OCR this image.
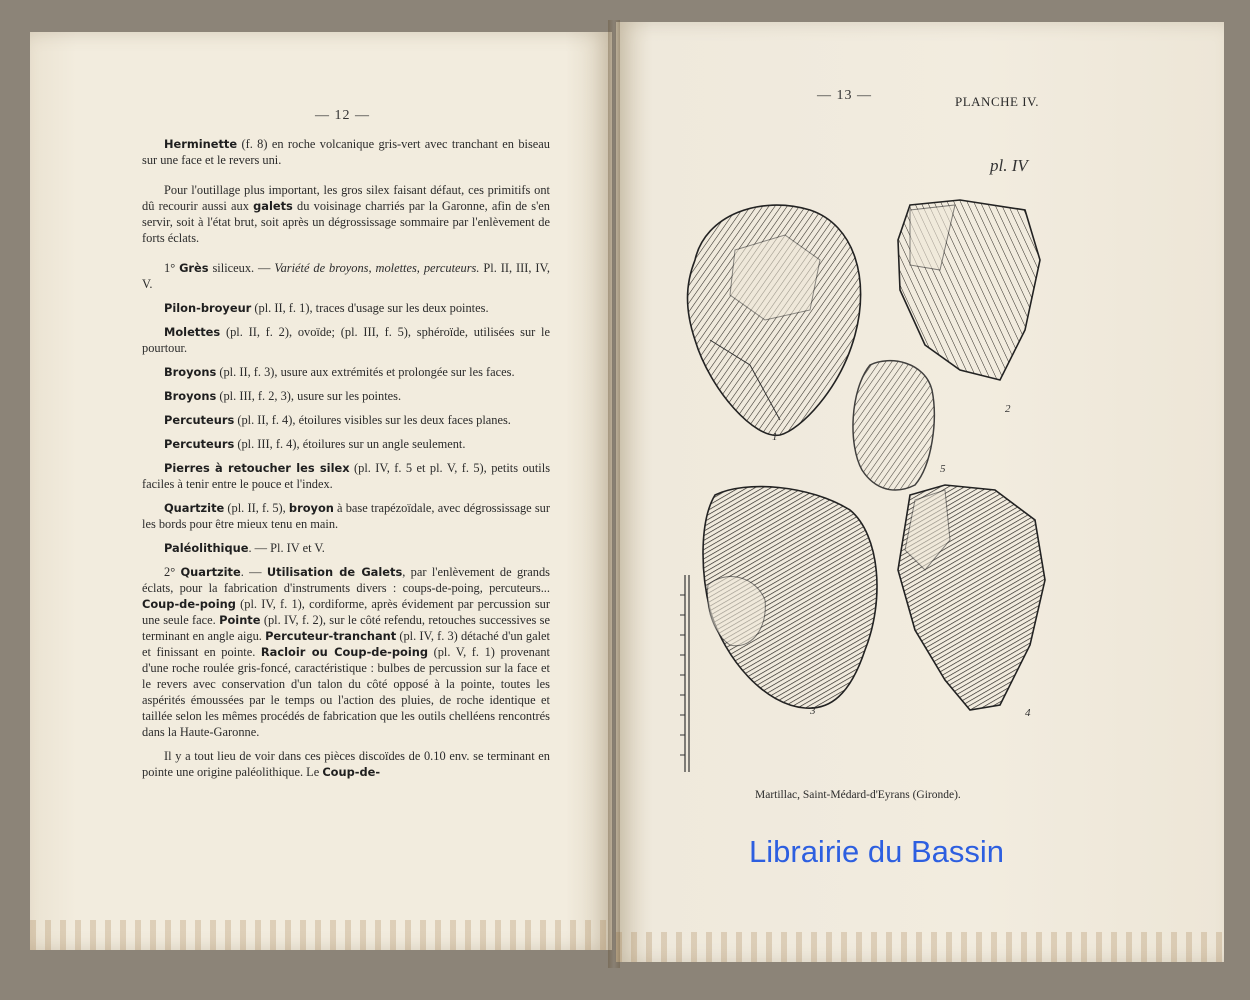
— 12 —

Herminette (f. 8) en roche volcanique gris-vert avec tranchant en biseau sur une face et le revers uni.

Pour l'outillage plus important, les gros silex faisant défaut, ces primitifs ont dû recourir aussi aux galets du voisinage charriés par la Garonne, afin de s'en servir, soit à l'état brut, soit après un dégrossissage sommaire par l'enlèvement de forts éclats.

1° Grès siliceux. — Variété de broyons, molettes, percuteurs. Pl. II, III, IV, V.

Pilon-broyeur (pl. II, f. 1), traces d'usage sur les deux pointes.

Molettes (pl. II, f. 2), ovoïde; (pl. III, f. 5), sphéroïde, utilisées sur le pourtour.

Broyons (pl. II, f. 3), usure aux extrémités et prolongée sur les faces.

Broyons (pl. III, f. 2, 3), usure sur les pointes.

Percuteurs (pl. II, f. 4), étoilures visibles sur les deux faces planes.

Percuteurs (pl. III, f. 4), étoilures sur un angle seulement.

Pierres à retoucher les silex (pl. IV, f. 5 et pl. V, f. 5), petits outils faciles à tenir entre le pouce et l'index.

Quartzite (pl. II, f. 5), broyon à base trapézoïdale, avec dégrossissage sur les bords pour être mieux tenu en main.

Paléolithique. — Pl. IV et V.

2° Quartzite. — Utilisation de Galets, par l'enlèvement de grands éclats, pour la fabrication d'instruments divers : coups-de-poing, percuteurs... Coup-de-poing (pl. IV, f. 1), cordiforme, après évidement par percussion sur une seule face. Pointe (pl. IV, f. 2), sur le côté refendu, retouches successives se terminant en angle aigu. Percuteur-tranchant (pl. IV, f. 3) détaché d'un galet et finissant en pointe. Racloir ou Coup-de-poing (pl. V, f. 1) provenant d'une roche roulée gris-foncé, caractéristique : bulbes de percussion sur la face et le revers avec conservation d'un talon du côté opposé à la pointe, toutes les aspérités émoussées par le temps ou l'action des pluies, de roche identique et taillée selon les mêmes procédés de fabrication que les outils chelléens rencontrés dans la Haute-Garonne.

Il y a tout lieu de voir dans ces pièces discoïdes de 0.10 env. se terminant en pointe une origine paléolithique. Le Coup-de-

— 13 —	PLANCHE IV.
pl. IV
1
2
3	4
5
Martillac, Saint-Médard-d'Eyrans (Gironde).
Librairie du Bassin
